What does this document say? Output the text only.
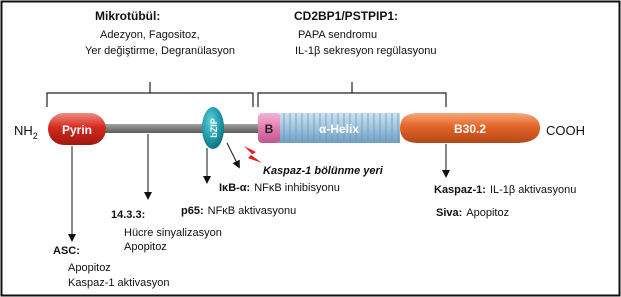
Mikrotübül:
Adezyon, Fagositoz,
Yer değiştirme, Degranülasyon
CD2BP1/PSTPIP1:
PAPA sendromu
IL-1β sekresyon regülasyonu
$NH_2$	COOH
Pyrin	bZIP	α-Helix
B	B30.2
Kaspaz-1 bölünme yeri
IκB-α: NFκB inhibisyonu
p65: NFκB aktivasyonu
14.3.3:
Hücre sinyalizasyon
Apopitoz
ASC:
Apopitoz
Kaspaz-1 aktivasyon
Kaspaz-1: IL-1β aktivasyonu
Siva: Apopitoz
